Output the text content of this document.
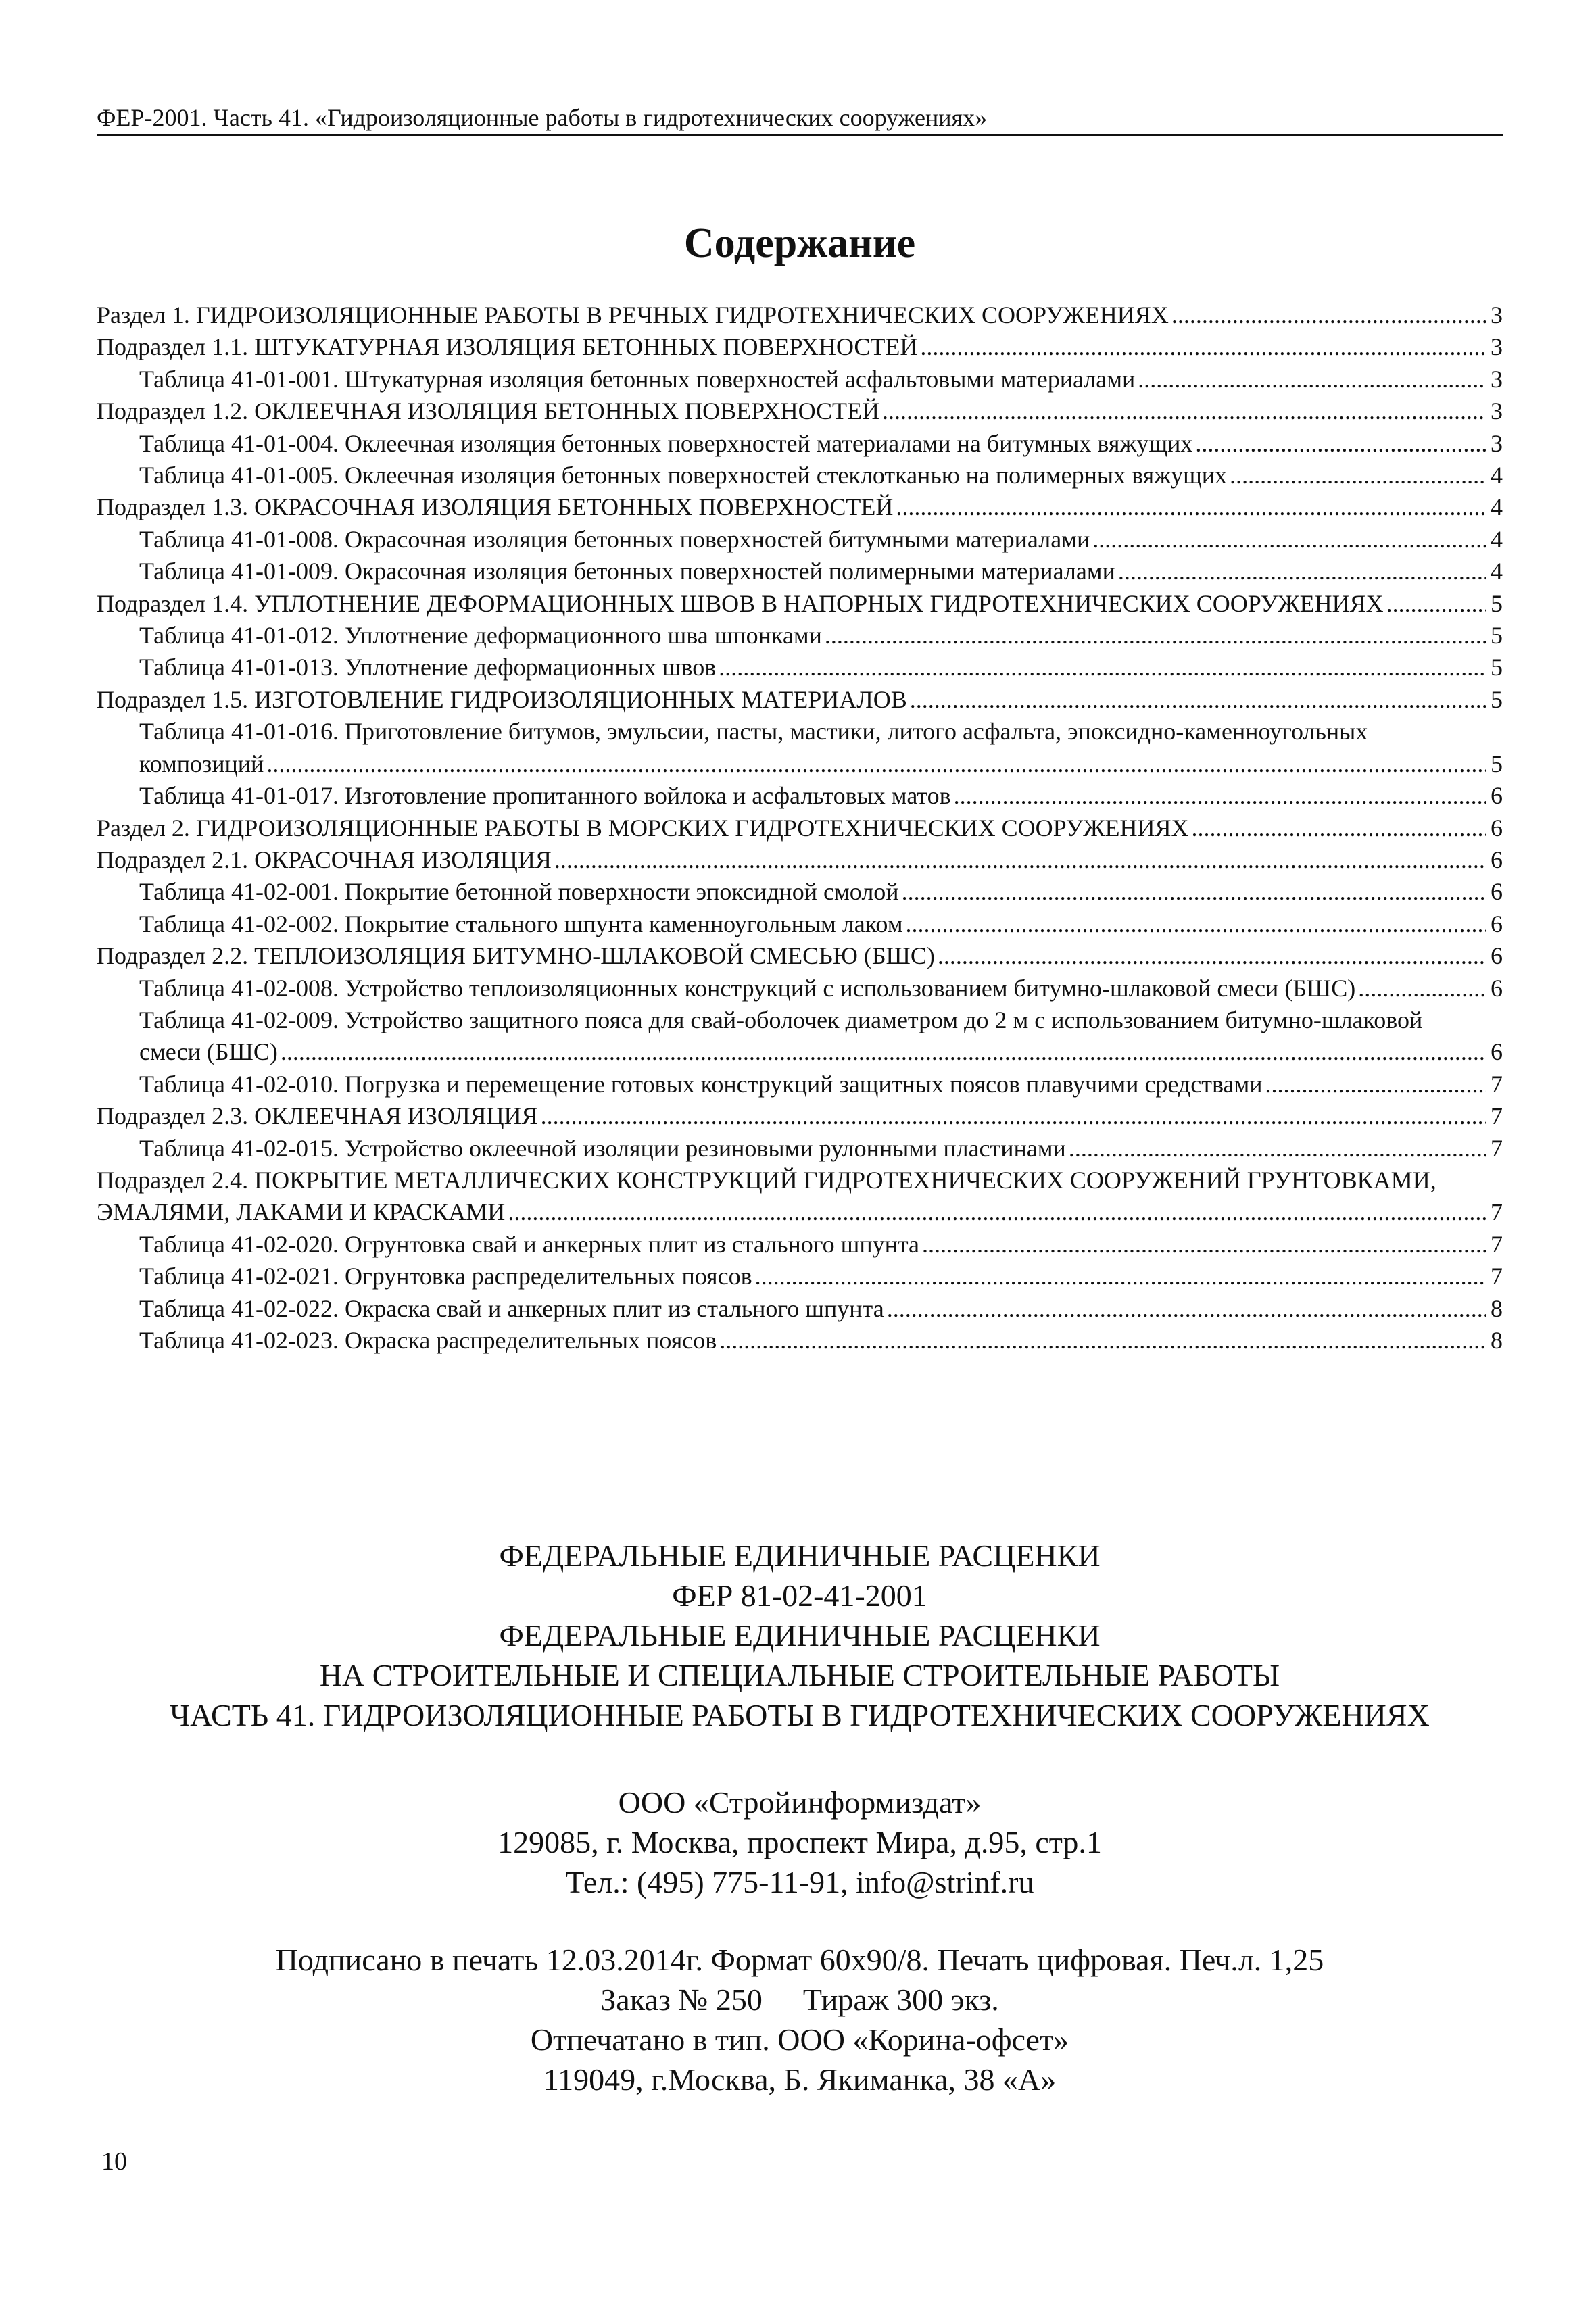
ФЕР-2001. Часть 41. «Гидроизоляционные работы в гидротехнических сооружениях»
Содержание
Раздел 1. ГИДРОИЗОЛЯЦИОННЫЕ РАБОТЫ В РЕЧНЫХ ГИДРОТЕХНИЧЕСКИХ СООРУЖЕНИЯХ .....	3
Подраздел 1.1. ШТУКАТУРНАЯ ИЗОЛЯЦИЯ БЕТОННЫХ ПОВЕРХНОСТЕЙ .....	3
Таблица 41-01-001. Штукатурная изоляция бетонных поверхностей асфальтовыми материалами .....	3
Подраздел 1.2. ОКЛЕЕЧНАЯ ИЗОЛЯЦИЯ БЕТОННЫХ ПОВЕРХНОСТЕЙ .....	3
Таблица 41-01-004. Оклеечная изоляция бетонных поверхностей материалами на битумных вяжущих .....	3
Таблица 41-01-005. Оклеечная изоляция бетонных поверхностей стеклотканью на полимерных вяжущих .....	4
Подраздел 1.3. ОКРАСОЧНАЯ ИЗОЛЯЦИЯ БЕТОННЫХ ПОВЕРХНОСТЕЙ .....	4
Таблица 41-01-008. Окрасочная изоляция бетонных поверхностей битумными материалами .....	4
Таблица 41-01-009. Окрасочная изоляция бетонных поверхностей полимерными материалами .....	4
Подраздел 1.4. УПЛОТНЕНИЕ ДЕФОРМАЦИОННЫХ ШВОВ В НАПОРНЫХ ГИДРОТЕХНИЧЕСКИХ СООРУЖЕНИЯХ .....	5
Таблица 41-01-012. Уплотнение деформационного шва шпонками .....	5
Таблица 41-01-013. Уплотнение деформационных швов .....	5
Подраздел 1.5. ИЗГОТОВЛЕНИЕ ГИДРОИЗОЛЯЦИОННЫХ МАТЕРИАЛОВ .....	5
Таблица 41-01-016. Приготовление битумов, эмульсии, пасты, мастики, литого асфальта, эпоксидно-каменноугольных композиций .....	5
Таблица 41-01-017. Изготовление пропитанного войлока и асфальтовых матов .....	6
Раздел 2. ГИДРОИЗОЛЯЦИОННЫЕ РАБОТЫ В МОРСКИХ ГИДРОТЕХНИЧЕСКИХ СООРУЖЕНИЯХ .....	6
Подраздел 2.1. ОКРАСОЧНАЯ ИЗОЛЯЦИЯ .....	6
Таблица 41-02-001. Покрытие бетонной поверхности эпоксидной смолой .....	6
Таблица 41-02-002. Покрытие стального шпунта каменноугольным лаком .....	6
Подраздел 2.2. ТЕПЛОИЗОЛЯЦИЯ БИТУМНО-ШЛАКОВОЙ СМЕСЬЮ (БШС) .....	6
Таблица 41-02-008. Устройство теплоизоляционных конструкций с использованием битумно-шлаковой смеси (БШС) .....	6
Таблица 41-02-009. Устройство защитного пояса для свай-оболочек диаметром до 2 м с использованием битумно-шлаковой смеси (БШС) .....	6
Таблица 41-02-010. Погрузка и перемещение готовых конструкций защитных поясов плавучими средствами .....	7
Подраздел 2.3. ОКЛЕЕЧНАЯ ИЗОЛЯЦИЯ .....	7
Таблица 41-02-015. Устройство оклеечной изоляции резиновыми рулонными пластинами .....	7
Подраздел 2.4. ПОКРЫТИЕ МЕТАЛЛИЧЕСКИХ КОНСТРУКЦИЙ ГИДРОТЕХНИЧЕСКИХ СООРУЖЕНИЙ ГРУНТОВКАМИ, ЭМАЛЯМИ, ЛАКАМИ И КРАСКАМИ .....	7
Таблица 41-02-020. Огрунтовка свай и анкерных плит из стального шпунта .....	7
Таблица 41-02-021. Огрунтовка распределительных поясов .....	7
Таблица 41-02-022. Окраска свай и анкерных плит из стального шпунта .....	8
Таблица 41-02-023. Окраска распределительных поясов .....	8
ФЕДЕРАЛЬНЫЕ ЕДИНИЧНЫЕ РАСЦЕНКИ
ФЕР 81-02-41-2001
ФЕДЕРАЛЬНЫЕ ЕДИНИЧНЫЕ РАСЦЕНКИ
НА СТРОИТЕЛЬНЫЕ И СПЕЦИАЛЬНЫЕ СТРОИТЕЛЬНЫЕ РАБОТЫ
ЧАСТЬ 41. ГИДРОИЗОЛЯЦИОННЫЕ РАБОТЫ В ГИДРОТЕХНИЧЕСКИХ СООРУЖЕНИЯХ
ООО «Стройинформиздат»
129085, г. Москва, проспект Мира, д.95, стр.1
Тел.: (495) 775-11-91, info@strinf.ru
Подписано в печать 12.03.2014г. Формат 60х90/8. Печать цифровая. Печ.л. 1,25
Заказ № 250 Тираж 300 экз.
Отпечатано в тип. ООО «Корина-офсет»
119049, г.Москва, Б. Якиманка, 38 «А»
10
